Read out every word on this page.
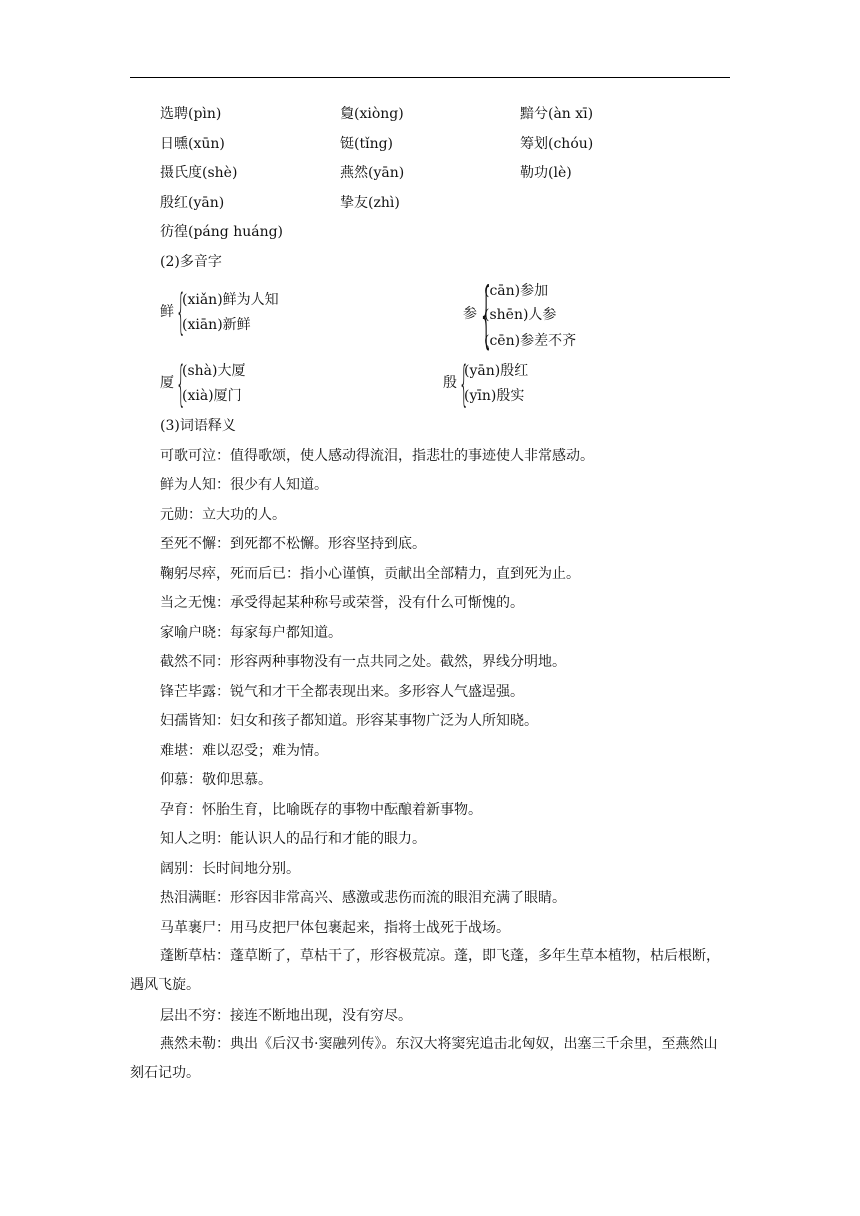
选聘(pìn)	敻(xiòng)	黯兮(àn xī)
日曛(xūn)	铤(tǐng)	筹划(chóu)
摄氏度(shè)	燕然(yān)	勒功(lè)
殷红(yān)	挚友(zhì)
彷徨(páng huáng)
(2)多音字
鲜 {
(xiǎn)鲜为人知
(xiān)新鲜
参 {
(cān)参加
(shēn)人参
(cēn)参差不齐
厦 {
(shà)大厦
(xià)厦门
殷 {
(yān)殷红
(yīn)殷实
(3)词语释义
可歌可泣：值得歌颂，使人感动得流泪，指悲壮的事迹使人非常感动。
鲜为人知：很少有人知道。
元勋：立大功的人。
至死不懈：到死都不松懈。形容坚持到底。
鞠躬尽瘁，死而后已：指小心谨慎，贡献出全部精力，直到死为止。
当之无愧：承受得起某种称号或荣誉，没有什么可惭愧的。
家喻户晓：每家每户都知道。
截然不同：形容两种事物没有一点共同之处。截然，界线分明地。
锋芒毕露：锐气和才干全都表现出来。多形容人气盛逞强。
妇孺皆知：妇女和孩子都知道。形容某事物广泛为人所知晓。
难堪：难以忍受；难为情。
仰慕：敬仰思慕。
孕育：怀胎生育，比喻既存的事物中酝酿着新事物。
知人之明：能认识人的品行和才能的眼力。
阔别：长时间地分别。
热泪满眶：形容因非常高兴、感激或悲伤而流的眼泪充满了眼睛。
马革裹尸：用马皮把尸体包裹起来，指将士战死于战场。
蓬断草枯：蓬草断了，草枯干了，形容极荒凉。蓬，即飞蓬，多年生草本植物，枯后根断，遇风飞旋。
层出不穷：接连不断地出现，没有穷尽。
燕然未勒：典出《后汉书·窦融列传》。东汉大将窦宪追击北匈奴，出塞三千余里，至燕然山刻石记功。
